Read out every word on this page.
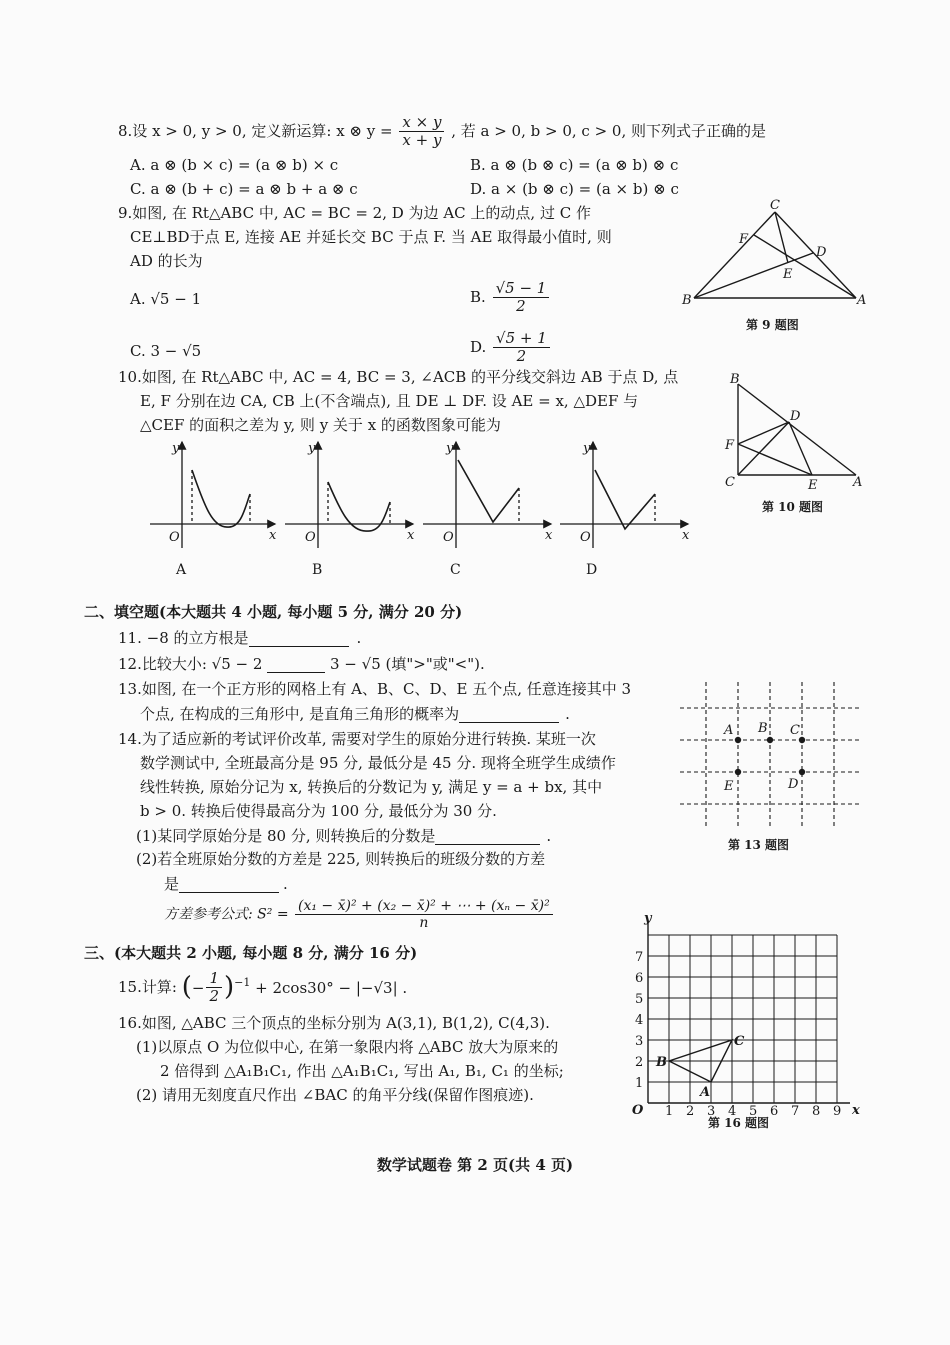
8.设 x > 0, y > 0, 定义新运算: x ⊗ $y = \frac{x \times y}{x + y}$ , 若 a > 0, b > 0, c > 0, 则下列式子正确的是
A. a ⊗ (b × c) = (a ⊗ b) × c	B. a ⊗ (b ⊗ c) = (a ⊗ b) ⊗ c
C. a ⊗ (b + c) = a ⊗ b + a ⊗ c	D. a × (b ⊗ c) = (a × b) ⊗ c
9.如图, 在 Rt△ABC 中, AC = BC = 2, D 为边 AC 上的动点, 过 C 作
CE⊥BD于点 E, 连接 AE 并延长交 BC 于点 F. 当 AE 取得最小值时, 则
AD 的长为
A. √5 − 1	B. $\frac{√5 - 1}{2}$
C. 3 − √5	D. $\frac{√5 + 1}{2}$
C
F
D
E
B	A
第 9 题图
10.如图, 在 Rt△ABC 中, AC = 4, BC = 3, ∠ACB 的平分线交斜边 AB 于点 D, 点
E, F 分别在边 CA, CB 上(不含端点), 且 DE ⊥ DF. 设 AE = x, △DEF 与
△CEF 的面积之差为 y, 则 y 关于 x 的函数图象可能为
B
D
F
C	E	A
第 10 题图
O	x
y
O	x
y
O	x
y
O	x
y
A	B	C	D
二、填空题(本大题共 4 小题, 每小题 5 分, 满分 20 分)
11. −8 的立方根是	.
12.比较大小: √5 − 2	3 − √5 (填">"或"<").
13.如图, 在一个正方形的网格上有 A、B、C、D、E 五个点, 任意连接其中 3
个点, 在构成的三角形中, 是直角三角形的概率为	.
A B C
E	D
第 13 题图
14.为了适应新的考试评价改革, 需要对学生的原始分进行转换. 某班一次
数学测试中, 全班最高分是 95 分, 最低分是 45 分. 现将全班学生成绩作
线性转换, 原始分记为 x, 转换后的分数记为 y, 满足 y = a + bx, 其中
b > 0. 转换后使得最高分为 100 分, 最低分为 30 分.
(1)某同学原始分是 80 分, 则转换后的分数是	.
(2)若全班原始分数的方差是 225, 则转换后的班级分数的方差
是	.
方差参考公式: $S^2 = \frac{\text{(x₁ − x̄)² + (x₂ − x̄)² + ⋯ + (xₙ − x̄)²}}{n}$
三、(本大题共 2 小题, 每小题 8 分, 满分 16 分)
15.计算: (− $\frac{1}{2} )^{-1} + 2\cos 30^\circ - |-√3|$ .
16.如图, △ABC 三个顶点的坐标分别为 A(3,1), B(1,2), C(4,3).
(1)以原点 O 为位似中心, 在第一象限内将 △ABC 放大为原来的
2 倍得到 △A₁B₁C₁, 作出 △A₁B₁C₁, 写出 A₁, B₁, C₁ 的坐标;
(2) 请用无刻度直尺作出 ∠BAC 的角平分线(保留作图痕迹).	A
B
C
O	x
y
1 2 3 4 5 6 7 8 9
1
2
3
4
5
6
7
第 16 题图
数学试题卷 第 2 页(共 4 页)
